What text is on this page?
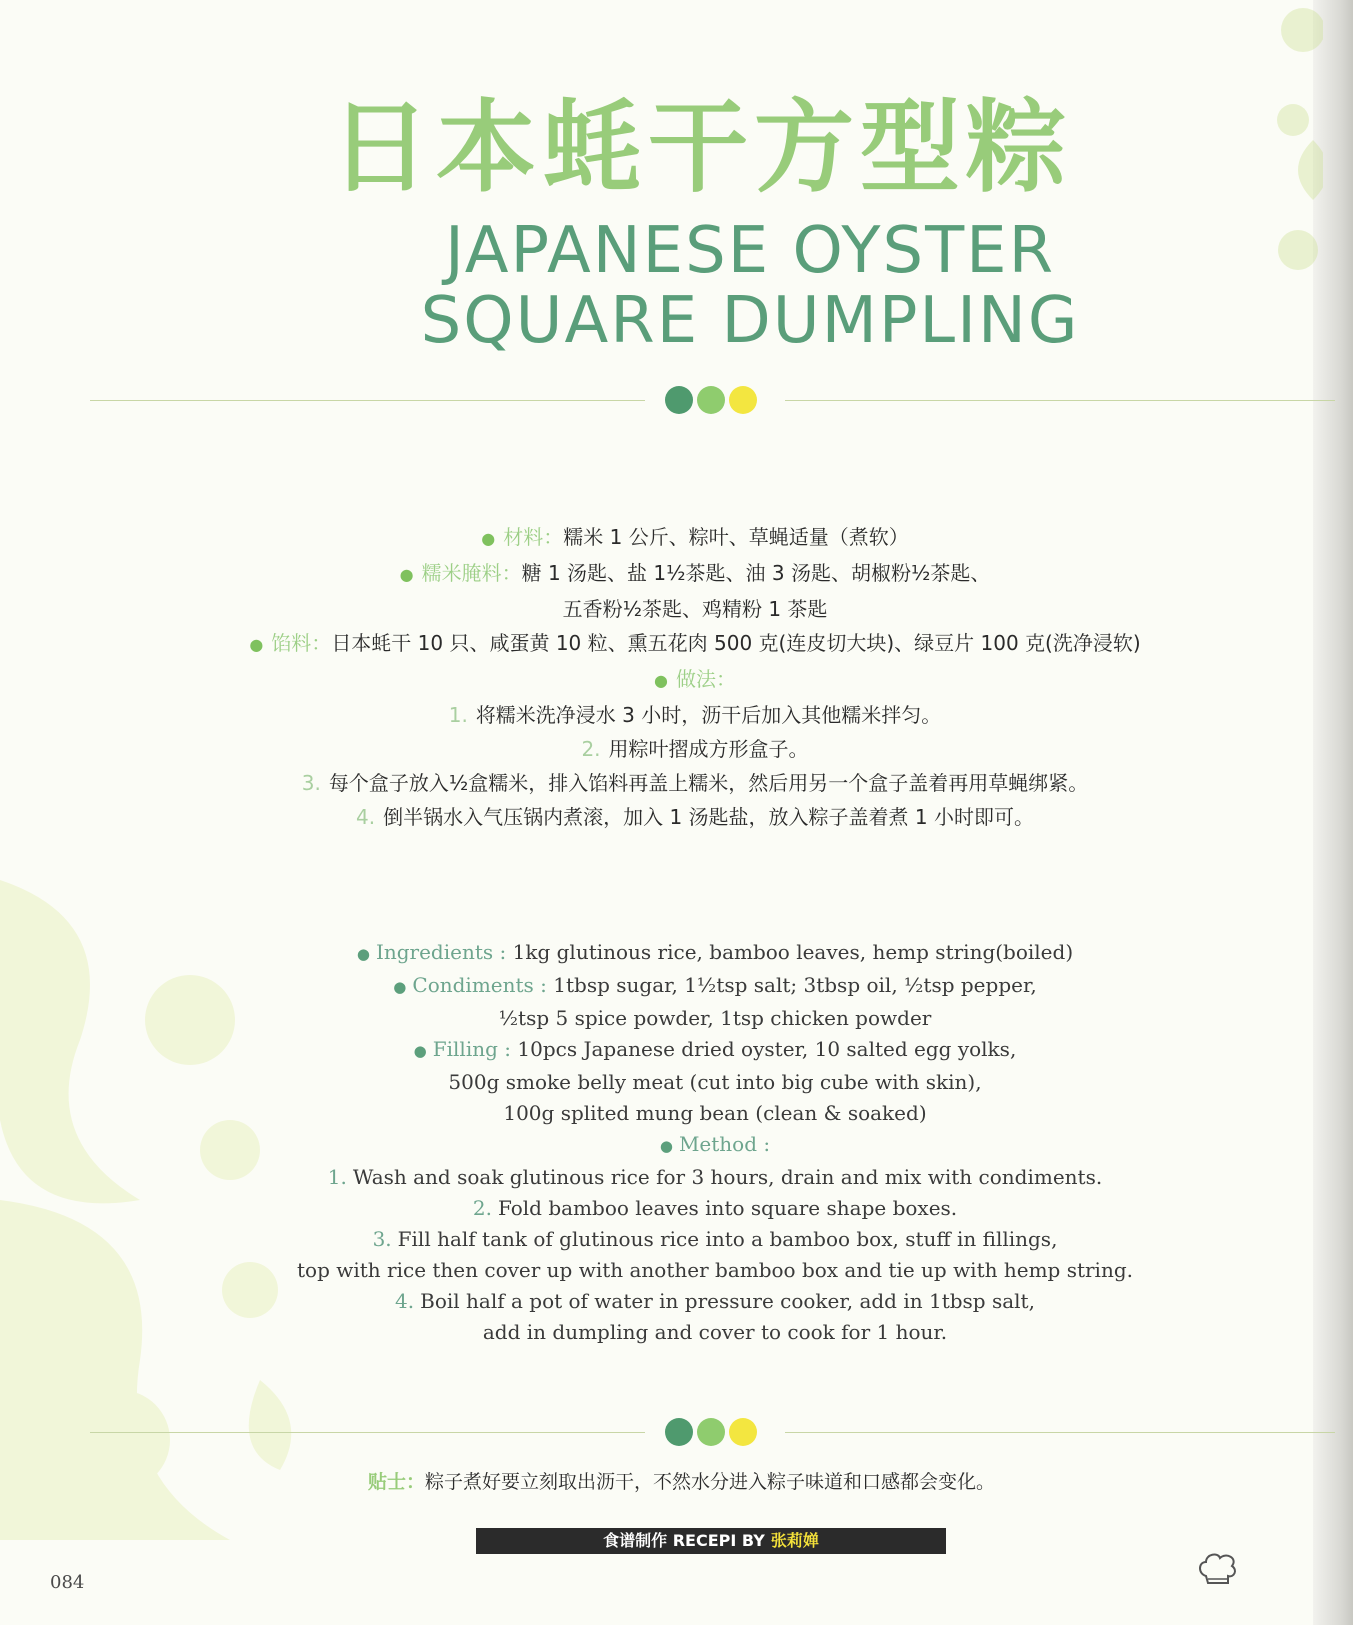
日本蚝干方型粽
JAPANESE OYSTER
SQUARE DUMPLING
● 材料：糯米 1 公斤、粽叶、草蝇适量（煮软）
● 糯米腌料：糖 1 汤匙、盐 1½茶匙、油 3 汤匙、胡椒粉½茶匙、
五香粉½茶匙、鸡精粉 1 茶匙
● 馅料：日本蚝干 10 只、咸蛋黄 10 粒、熏五花肉 500 克(连皮切大块)、绿豆片 100 克(洗净浸软)
● 做法：
1. 将糯米洗净浸水 3 小时，沥干后加入其他糯米拌匀。
2. 用粽叶摺成方形盒子。
3. 每个盒子放入½盒糯米，排入馅料再盖上糯米，然后用另一个盒子盖着再用草蝇绑紧。
4. 倒半锅水入气压锅内煮滚，加入 1 汤匙盐，放入粽子盖着煮 1 小时即可。
● Ingredients : 1kg glutinous rice, bamboo leaves, hemp string(boiled)
● Condiments : 1tbsp sugar, 1½tsp salt; 3tbsp oil, ½tsp pepper,
½tsp 5 spice powder, 1tsp chicken powder
● Filling : 10pcs Japanese dried oyster, 10 salted egg yolks,
500g smoke belly meat (cut into big cube with skin),
100g splited mung bean (clean & soaked)
● Method :
1. Wash and soak glutinous rice for 3 hours, drain and mix with condiments.
2. Fold bamboo leaves into square shape boxes.
3. Fill half tank of glutinous rice into a bamboo box, stuff in fillings,
top with rice then cover up with another bamboo box and tie up with hemp string.
4. Boil half a pot of water in pressure cooker, add in 1tbsp salt,
add in dumpling and cover to cook for 1 hour.
贴士：粽子煮好要立刻取出沥干，不然水分进入粽子味道和口感都会变化。
食谱制作 RECEPI BY 张莉婵
084
